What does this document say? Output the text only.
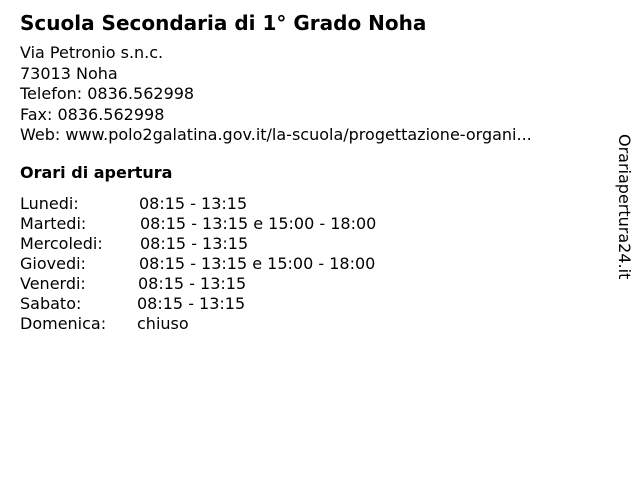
Scuola Secondaria di 1° Grado Noha
Via Petronio s.n.c.
73013 Noha
Telefon: 0836.562998
Fax: 0836.562998
Web: www.polo2galatina.gov.it/la-scuola/progettazione-organi...
Orari di apertura
Lunedi:	08:15 - 13:15
Martedi:	08:15 - 13:15 e 15:00 - 18:00
Mercoledi: 08:15 - 13:15
Giovedi:	08:15 - 13:15 e 15:00 - 18:00
Venerdi:	08:15 - 13:15
Sabato:	08:15 - 13:15
Domenica: chiuso
Orariapertura24.it
